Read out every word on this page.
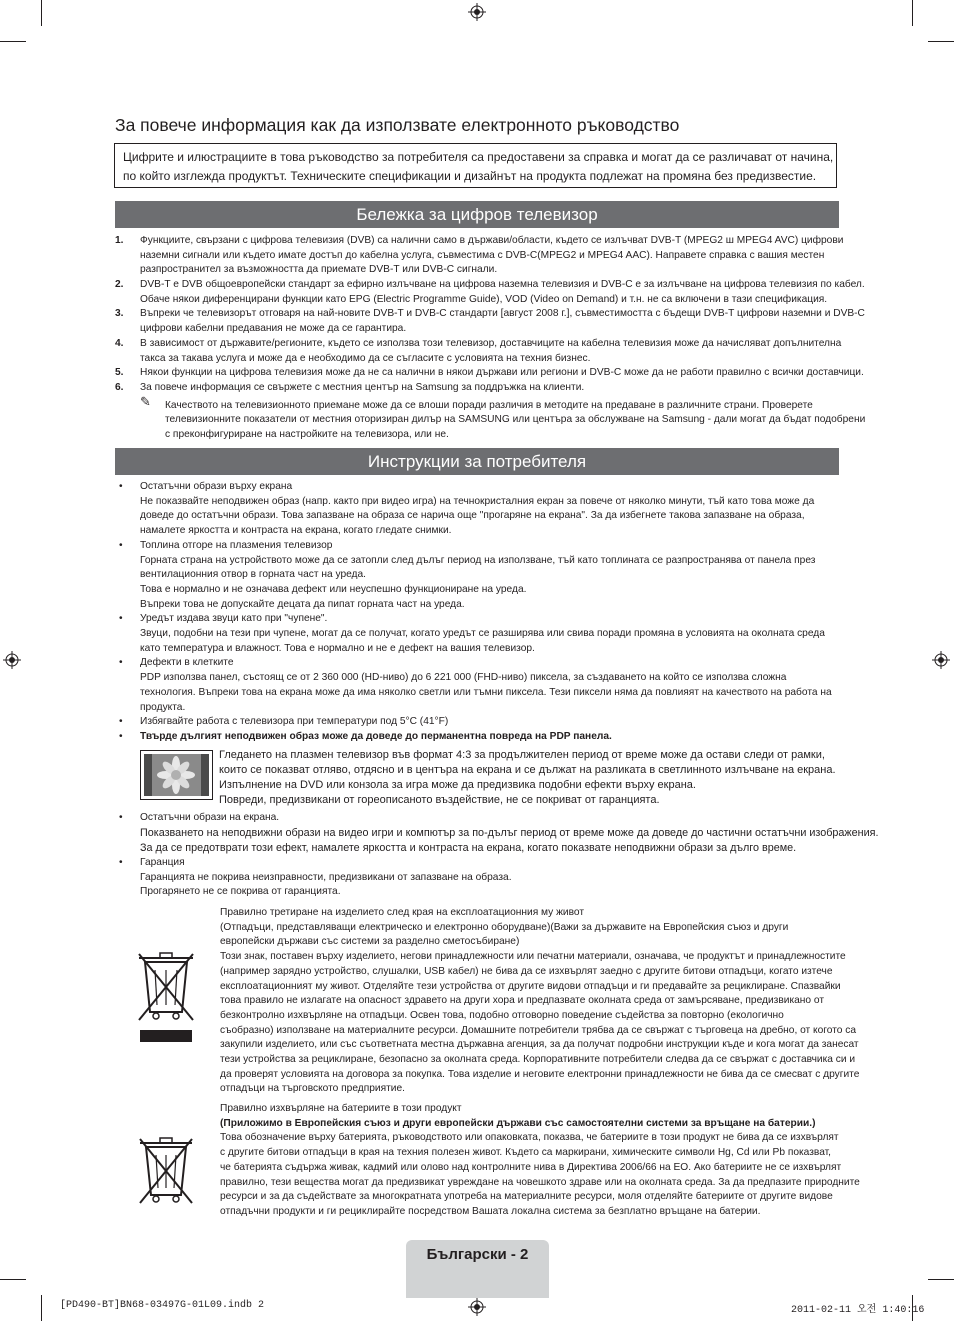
За повече информация как да използвате електронното ръководство
Цифрите и илюстрациите в това ръководство за потребителя са предоставени за справка и могат да се различават от начина,
по който изглежда продуктът. Техническите спецификации и дизайнът на продукта подлежат на промяна без предизвестие.
Бележка за цифров телевизор
1. Функциите, свързани с цифрова телевизия (DVB) са налични само в държави/области, където се излъчват DVB-T (MPEG2 ш MPEG4 AVC) цифрови
наземни сигнали или където имате достъп до кабелна услуга, съвместима с DVB-C(MPEG2 и MPEG4 AAC). Направете справка с вашия местен
разпространител за възможността да приемате DVB-T или DVB-C сигнали.
2. DVB-T е DVB общоевропейски стандарт за ефирно излъчване на цифрова наземна телевизия и DVB-C е за излъчване на цифрова телевизия по кабел.
Обаче някои диференцирани функции като EPG (Electric Programme Guide), VOD (Video on Demand) и т.н. не са включени в тази спецификация.
3. Въпреки че телевизорът отговаря на най-новите DVB-T и DVB-C стандарти [август 2008 г.], съвместимостта с бъдещи DVB-T цифрови наземни и DVB-C
цифрови кабелни предавания не може да се гарантира.
4. В зависимост от държавите/регионите, където се използва този телевизор, доставчиците на кабелна телевизия може да начисляват допълнителна
такса за такава услуга и може да е необходимо да се съгласите с условията на техния бизнес.
5. Някои функции на цифрова телевизия може да не са налични в някои държави или региони и DVB-C може да не работи правилно с всички доставчици.
6. За повече информация се свържете с местния център на Samsung за поддръжка на клиенти.
✎ Качеството на телевизионното приемане може да се влоши поради различия в методите на предаване в различните страни. Проверете
телевизионните показатели от местния оторизиран дилър на SAMSUNG или центъра за обслужване на Samsung - дали могат да бъдат подобрени
с преконфигуриране на настройките на телевизора, или не.
Инструкции за потребителя
• Остатъчни образи върху екрана
Не показвайте неподвижен образ (напр. както при видео игра) на течнокристалния екран за повече от няколко минути, тъй като това може да
доведе до остатъчни образи. Това запазване на образа се нарича още "прогаряне на екрана". За да избегнете такова запазване на образа,
намалете яркостта и контраста на екрана, когато гледате снимки.
• Топлина отгоре на плазмения телевизор
Горната страна на устройството може да се затопли след дълъг период на използване, тъй като топлината се разпространява от панела през
вентилационния отвор в горната част на уреда.
Това е нормално и не означава дефект или неуспешно функциониране на уреда.
Въпреки това не допускайте децата да пипат горната част на уреда.
• Уредът издава звуци като при "чупене".
Звуци, подобни на тези при чупене, могат да се получат, когато уредът се разширява или свива поради промяна в условията на околната среда
като температура и влажност. Това е нормално и не е дефект на вашия телевизор.
• Дефекти в клетките
PDP използва панел, състоящ се от 2 360 000 (HD-ниво) до 6 221 000 (FHD-ниво) пиксела, за създаването на който се използва сложна
технология. Въпреки това на екрана може да има няколко светли или тъмни пиксела. Тези пиксели няма да повлияят на качеството на работа на
продукта.
• Избягвайте работа с телевизора при температури под 5°C (41°F)
• Твърде дългият неподвижен образ може да доведе до перманентна повреда на PDP панела.
Гледането на плазмен телевизор във формат 4:3 за продължителен период от време може да остави следи от рамки,
които се показват отляво, отдясно и в центъра на екрана и се дължат на разликата в светлинното излъчване на екрана.
Изпълнение на DVD или конзола за игра може да предизвика подобни ефекти върху екрана.
Повреди, предизвикани от гореописаното въздействие, не се покриват от гаранцията.
• Остатъчни образи на екрана.
Показването на неподвижни образи на видео игри и компютър за по-дълъг период от време може да доведе до частични остатъчни изображения.
За да се предотврати този ефект, намалете яркостта и контраста на екрана, когато показвате неподвижни образи за дълго време.
• Гаранция
Гаранцията не покрива неизправности, предизвикани от запазване на образа.
Прогарянето не се покрива от гаранцията.
Правилно третиране на изделието след края на експлоатационния му живот
(Отпадъци, представляващи електрическо и електронно оборудване)(Важи за държавите на Европейския съюз и други
европейски държави със системи за разделно сметосъбиране)
Този знак, поставен върху изделието, негови принадлежности или печатни материали, означава, че продуктът и принадлежностите
(например зарядно устройство, слушалки, USB кабел) не бива да се изхвърлят заедно с другите битови отпадъци, когато изтече
експлоатационният му живот. Отделяйте тези устройства от другите видови отпадъци и ги предавайте за рециклиране. Спазвайки
това правило не излагате на опасност здравето на други хора и предпазвате околната среда от замърсяване, предизвикано от
безконтролно изхвърляне на отпадъци. Освен това, подобно отговорно поведение съдейства за повторно (екологично
съобразно) използване на материалните ресурси. Домашните потребители трябва да се свържат с търговеца на дребно, от когото са
закупили изделието, или със съответната местна държавна агенция, за да получат подробни инструкции къде и кога могат да занесат
тези устройства за рециклиране, безопасно за околната среда. Корпоративните потребители следва да се свържат с доставчика си и
да проверят условията на договора за покупка. Това изделие и неговите електронни принадлежности не бива да се смесват с другите
отпадъци на търговското предприятие.
Правилно изхвърляне на батериите в този продукт
(Приложимо в Европейския съюз и други европейски държави със самостоятелни системи за връщане на батерии.)
Това обозначение върху батерията, ръководството или опаковката, показва, че батериите в този продукт не бива да се изхвърлят
с другите битови отпадъци в края на техния полезен живот. Където са маркирани, химическите символи Hg, Cd или Pb показват,
че батерията съдържа живак, кадмий или олово над контролните нива в Директива 2006/66 на ЕО. Ако батериите не се изхвърлят
правилно, тези вещества могат да предизвикат увреждане на човешкото здраве или на околната среда. За да предпазите природните
ресурси и за да съдействате за многократната употреба на материалните ресурси, моля отделяйте батериите от другите видове
отпадъчни продукти и ги рециклирайте посредством Вашата локална система за безплатно връщане на батерии.
Български - 2
[PD490-BT]BN68-03497G-01L09.indb 2	2011-02-11 오전 1:40:16
